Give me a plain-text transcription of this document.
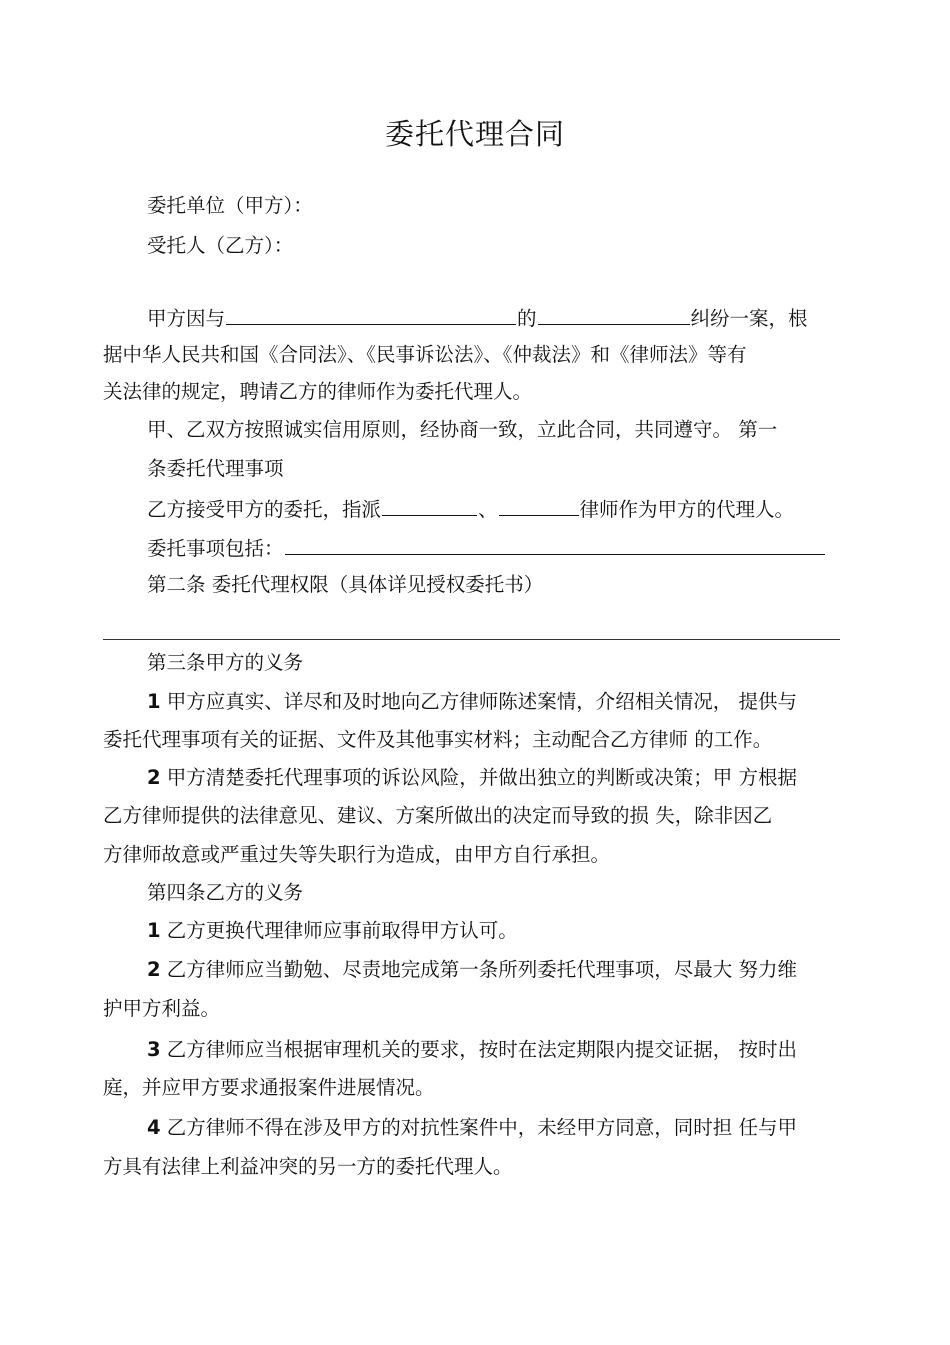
委托代理合同
委托单位（甲方）：
受托人（乙方）：
甲方因与	的	纠纷一案，根
据中华人民共和国《合同法》、《民事诉讼法》、《仲裁法》和《律师法》等有
关法律的规定，聘请乙方的律师作为委托代理人。
甲、乙双方按照诚实信用原则，经协商一致，立此合同，共同遵守。 第一
条委托代理事项
乙方接受甲方的委托，指派	、	律师作为甲方的代理人。
委托事项包括：
第二条 委托代理权限（具体详见授权委托书）
第三条甲方的义务
1 甲方应真实、详尽和及时地向乙方律师陈述案情，介绍相关情况， 提供与
委托代理事项有关的证据、文件及其他事实材料；主动配合乙方律师 的工作。
2 甲方清楚委托代理事项的诉讼风险，并做出独立的判断或决策；甲 方根据
乙方律师提供的法律意见、建议、方案所做出的决定而导致的损 失，除非因乙
方律师故意或严重过失等失职行为造成，由甲方自行承担。
第四条乙方的义务
1 乙方更换代理律师应事前取得甲方认可。
2 乙方律师应当勤勉、尽责地完成第一条所列委托代理事项，尽最大 努力维
护甲方利益。
3 乙方律师应当根据审理机关的要求，按时在法定期限内提交证据， 按时出
庭，并应甲方要求通报案件进展情况。
4 乙方律师不得在涉及甲方的对抗性案件中，未经甲方同意，同时担 任与甲
方具有法律上利益冲突的另一方的委托代理人。
